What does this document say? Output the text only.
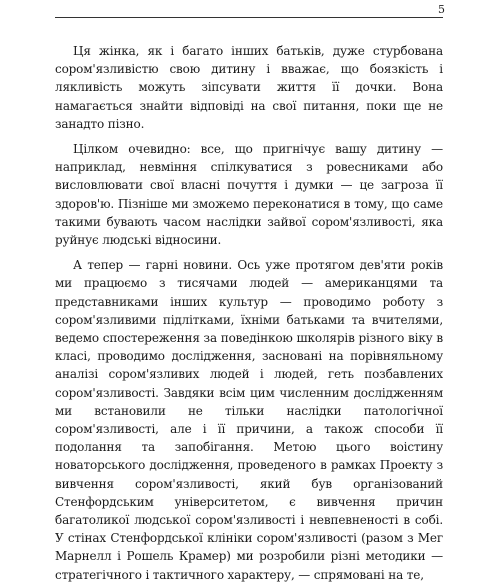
5

Ця жінка, як і багато інших батьків, дуже стурбована сором'язливістю свою дитину і вважає, що боязкість і лякливість можуть зіпсувати життя її дочки. Вона намагається знайти відповіді на свої питання, поки ще не занадто пізно.

Цілком очевидно: все, що пригнічує вашу дитину — наприклад, невміння спілкуватися з ровесниками або висловлювати свої власні почуття і думки — це загроза її здоров'ю. Пізніше ми зможемо переконатися в тому, що саме такими бувають часом наслідки зайвої сором'язливості, яка руйнує людські відносини.

А тепер — гарні новини. Ось уже протягом дев'яти років ми працюємо з тисячами людей — американцями та представниками інших культур — проводимо роботу з сором'язливими підлітками, їхніми батьками та вчителями, ведемо спостереження за поведінкою школярів різного віку в класі, проводимо дослідження, засновані на порівняльному аналізі сором'язливих людей і людей, геть позбавлених сором'язливості. Завдяки всім цим численним дослідженням ми встановили не тільки наслідки патологічної сором'язливості, але і її причини, а також способи її подолання та запобігання. Метою цього воістину новаторського дослідження, проведеного в рамках Проекту з вивчення сором'язливості, який був організований Стенфордським університетом, є вивчення причин багатоликої людської сором'язливості і невпевненості в собі. У стінах Стенфордської клініки сором'язливості (разом з Мег Марнелл і Рошель Крамер) ми розробили різні методики — стратегічного і тактичного характеру, — спрямовані на те,
